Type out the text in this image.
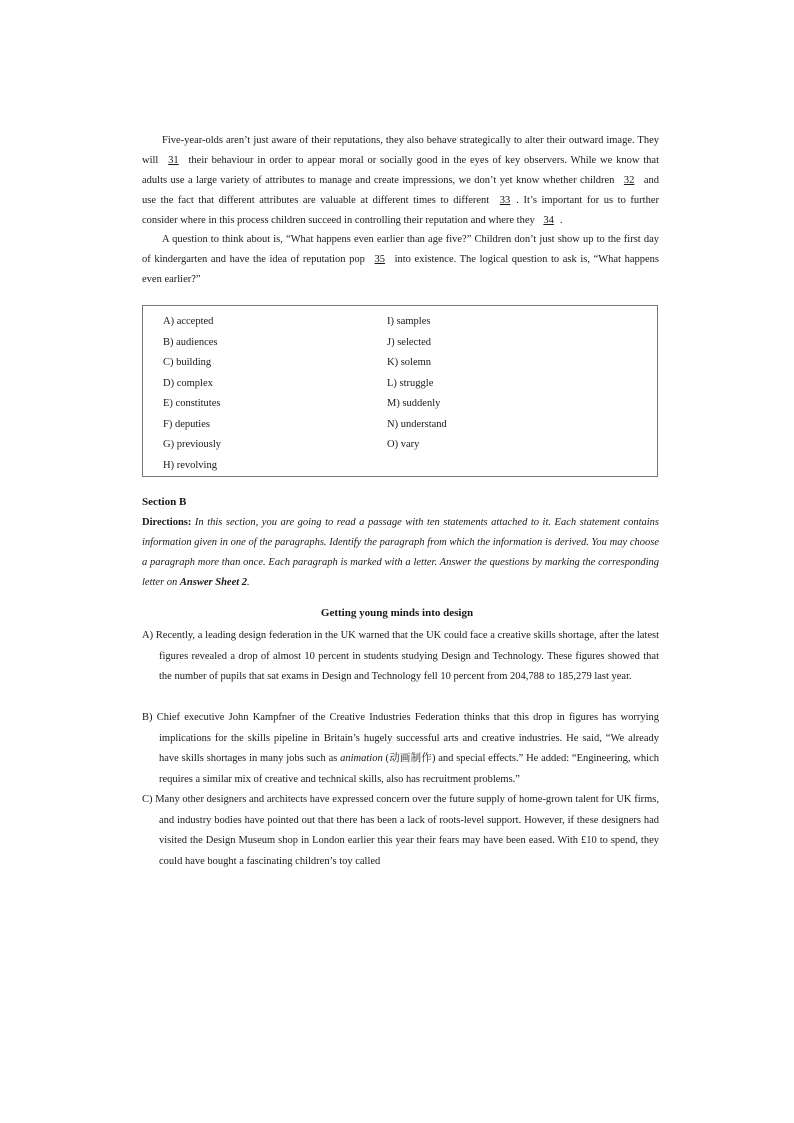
Five-year-olds aren’t just aware of their reputations, they also behave strategically to alter their outward image. They will 31 their behaviour in order to appear moral or socially good in the eyes of key observers. While we know that adults use a large variety of attributes to manage and create impressions, we don’t yet know whether children 32 and use the fact that different attributes are valuable at different times to different 33 . It’s important for us to further consider where in this process children succeed in controlling their reputation and where they 34 .

A question to think about is, “What happens even earlier than age five?” Children don’t just show up to the first day of kindergarten and have the idea of reputation pop 35 into existence. The logical question to ask is, “What happens even earlier?”

A) accepted
B) audiences
C) building
D) complex
E) constitutes
F) deputies
G) previously
H) revolving
I) samples
J) selected
K) solemn
L) struggle
M) suddenly
N) understand
O) vary

Section B

Directions: In this section, you are going to read a passage with ten statements attached to it. Each statement contains information given in one of the paragraphs. Identify the paragraph from which the information is derived. You may choose a paragraph more than once. Each paragraph is marked with a letter. Answer the questions by marking the corresponding letter on Answer Sheet 2.

Getting young minds into design

A) Recently, a leading design federation in the UK warned that the UK could face a creative skills shortage, after the latest figures revealed a drop of almost 10 percent in students studying Design and Technology. These figures showed that the number of pupils that sat exams in Design and Technology fell 10 percent from 204,788 to 185,279 last year.

B) Chief executive John Kampfner of the Creative Industries Federation thinks that this drop in figures has worrying implications for the skills pipeline in Britain’s hugely successful arts and creative industries. He said, “We already have skills shortages in many jobs such as animation (动画制作) and special effects.” He added: “Engineering, which requires a similar mix of creative and technical skills, also has recruitment problems.”

C) Many other designers and architects have expressed concern over the future supply of home-grown talent for UK firms, and industry bodies have pointed out that there has been a lack of roots-level support. However, if these designers had visited the Design Museum shop in London earlier this year their fears may have been eased. With £10 to spend, they could have bought a fascinating children’s toy called
